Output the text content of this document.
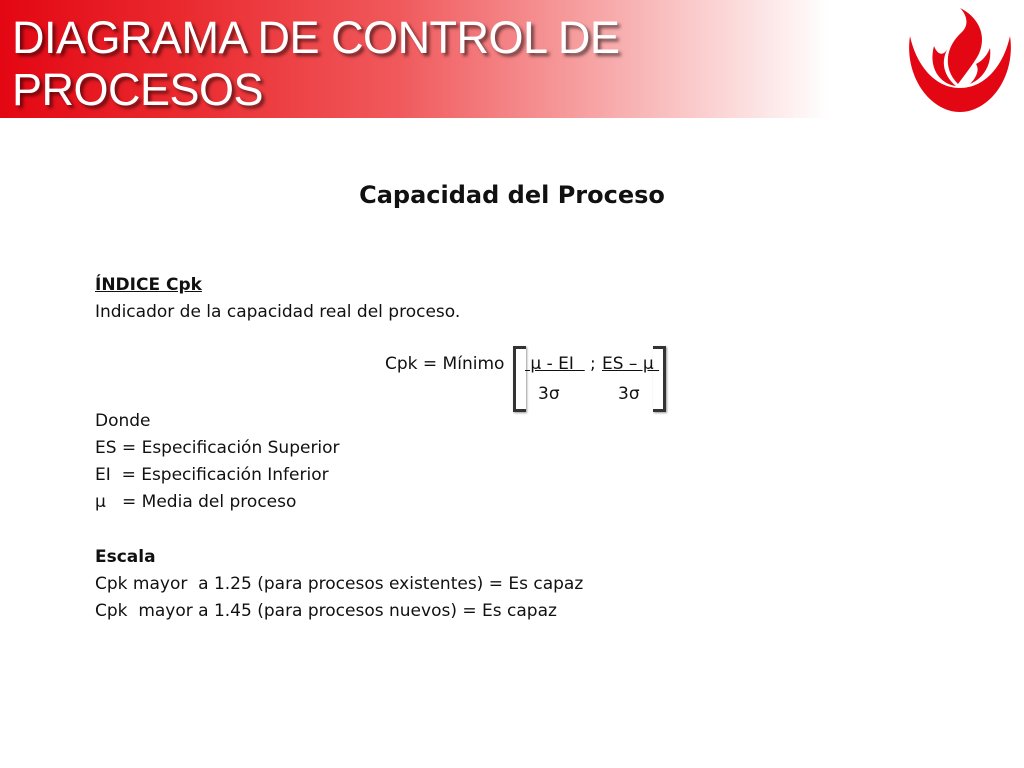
DIAGRAMA DE CONTROL DE
PROCESOS
Capacidad del Proceso
ÍNDICE Cpk
Indicador de la capacidad real del proceso.
Cpk = Mínimo µ - EI ; ES – µ
3σ	3σ
Donde
ES = Especificación Superior
EI  = Especificación Inferior
µ   = Media del proceso
Escala
Cpk mayor  a 1.25 (para procesos existentes) = Es capaz
Cpk  mayor a 1.45 (para procesos nuevos) = Es capaz
